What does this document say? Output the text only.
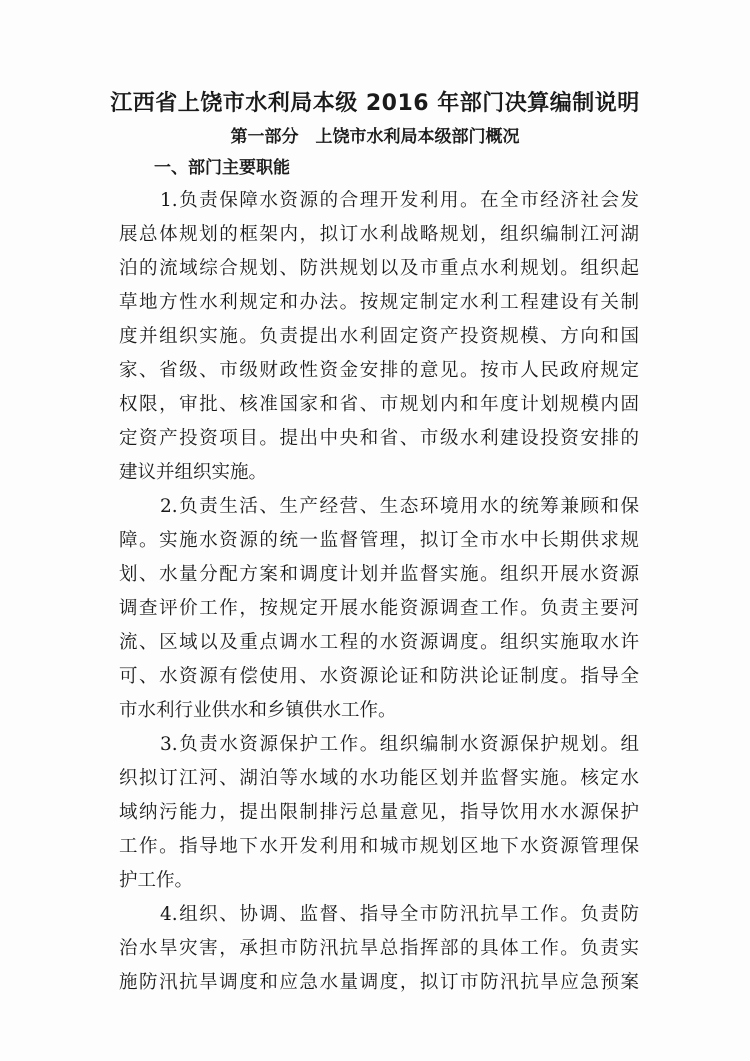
江西省上饶市水利局本级 2016 年部门决算编制说明
第一部分　上饶市水利局本级部门概况
一、部门主要职能
1.负责保障水资源的合理开发利用。在全市经济社会发
展总体规划的框架内，拟订水利战略规划，组织编制江河湖
泊的流域综合规划、防洪规划以及市重点水利规划。组织起
草地方性水利规定和办法。按规定制定水利工程建设有关制
度并组织实施。负责提出水利固定资产投资规模、方向和国
家、省级、市级财政性资金安排的意见。按市人民政府规定
权限，审批、核准国家和省、市规划内和年度计划规模内固
定资产投资项目。提出中央和省、市级水利建设投资安排的
建议并组织实施。
2.负责生活、生产经营、生态环境用水的统筹兼顾和保
障。实施水资源的统一监督管理，拟订全市水中长期供求规
划、水量分配方案和调度计划并监督实施。组织开展水资源
调查评价工作，按规定开展水能资源调查工作。负责主要河
流、区域以及重点调水工程的水资源调度。组织实施取水许
可、水资源有偿使用、水资源论证和防洪论证制度。指导全
市水利行业供水和乡镇供水工作。
3.负责水资源保护工作。组织编制水资源保护规划。组
织拟订江河、湖泊等水域的水功能区划并监督实施。核定水
域纳污能力，提出限制排污总量意见，指导饮用水水源保护
工作。指导地下水开发利用和城市规划区地下水资源管理保
护工作。
4.组织、协调、监督、指导全市防汛抗旱工作。负责防
治水旱灾害，承担市防汛抗旱总指挥部的具体工作。负责实
施防汛抗旱调度和应急水量调度，拟订市防汛抗旱应急预案
